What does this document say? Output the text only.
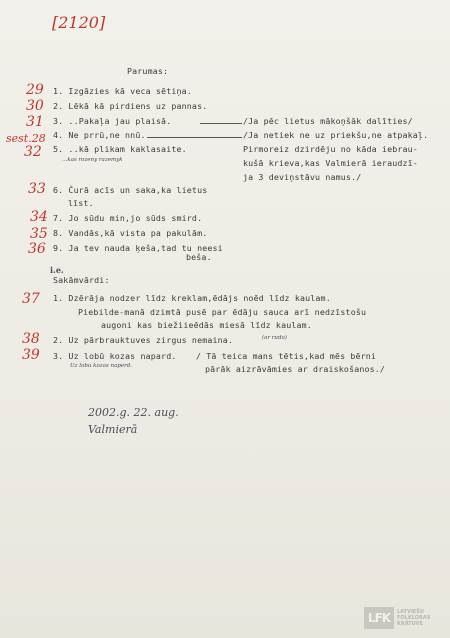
[2120]
Parumas:
29
30
31
sest.28
32
33
34
35
36
37
38
39
1. Izgāzies kā veca sētiņa.
2. Lēkā kā pirdiens uz pannas.
3. ..Pakaļa jau plaisā.
4. Ne prrū,ne nnū.
5. ..kā plikam kaklasaite.
...kas rozeny razemyk
6. Čurā acīs un saka,ka lietus
līst.
7. Jo sūdu min,jo sūds smird.
8. Vandās,kā vista pa pakulām.
9. Ja tev nauda ķeša,tad tu neesi
beša.
/Ja pēc lietus mākoņšāk dalīties/
/Ja netiek ne uz priekšu,ne atpakaļ.
Pirmoreiz dzirdēju no kāda iebrau-
kušā krieva,kas Valmierā ieraudzī-
ja 3 deviņstāvu namus./
i.e.
Sakāmvārdi:
1. Dzērāja nodzer līdz kreklam,ēdājs noēd līdz kaulam.
Piebilde-manā dzimtā pusē par ēdāju sauca arī nedzīstošu
augoni kas biežiieēdās miesā līdz kaulam.
2. Uz pārbrauktuves zirgus nemaina.	(ar rudo)
3. Uz lobū kozas napard. / Tā teica mans tētis,kad mēs bērni
pārāk aizrāvāmies ar draiskošanos./
Uz lobu kozas naperd.
2002.g. 22. aug.
Valmierā
LFK	LATVIEŠU
FOLKLORAS
KRĀTUVE
